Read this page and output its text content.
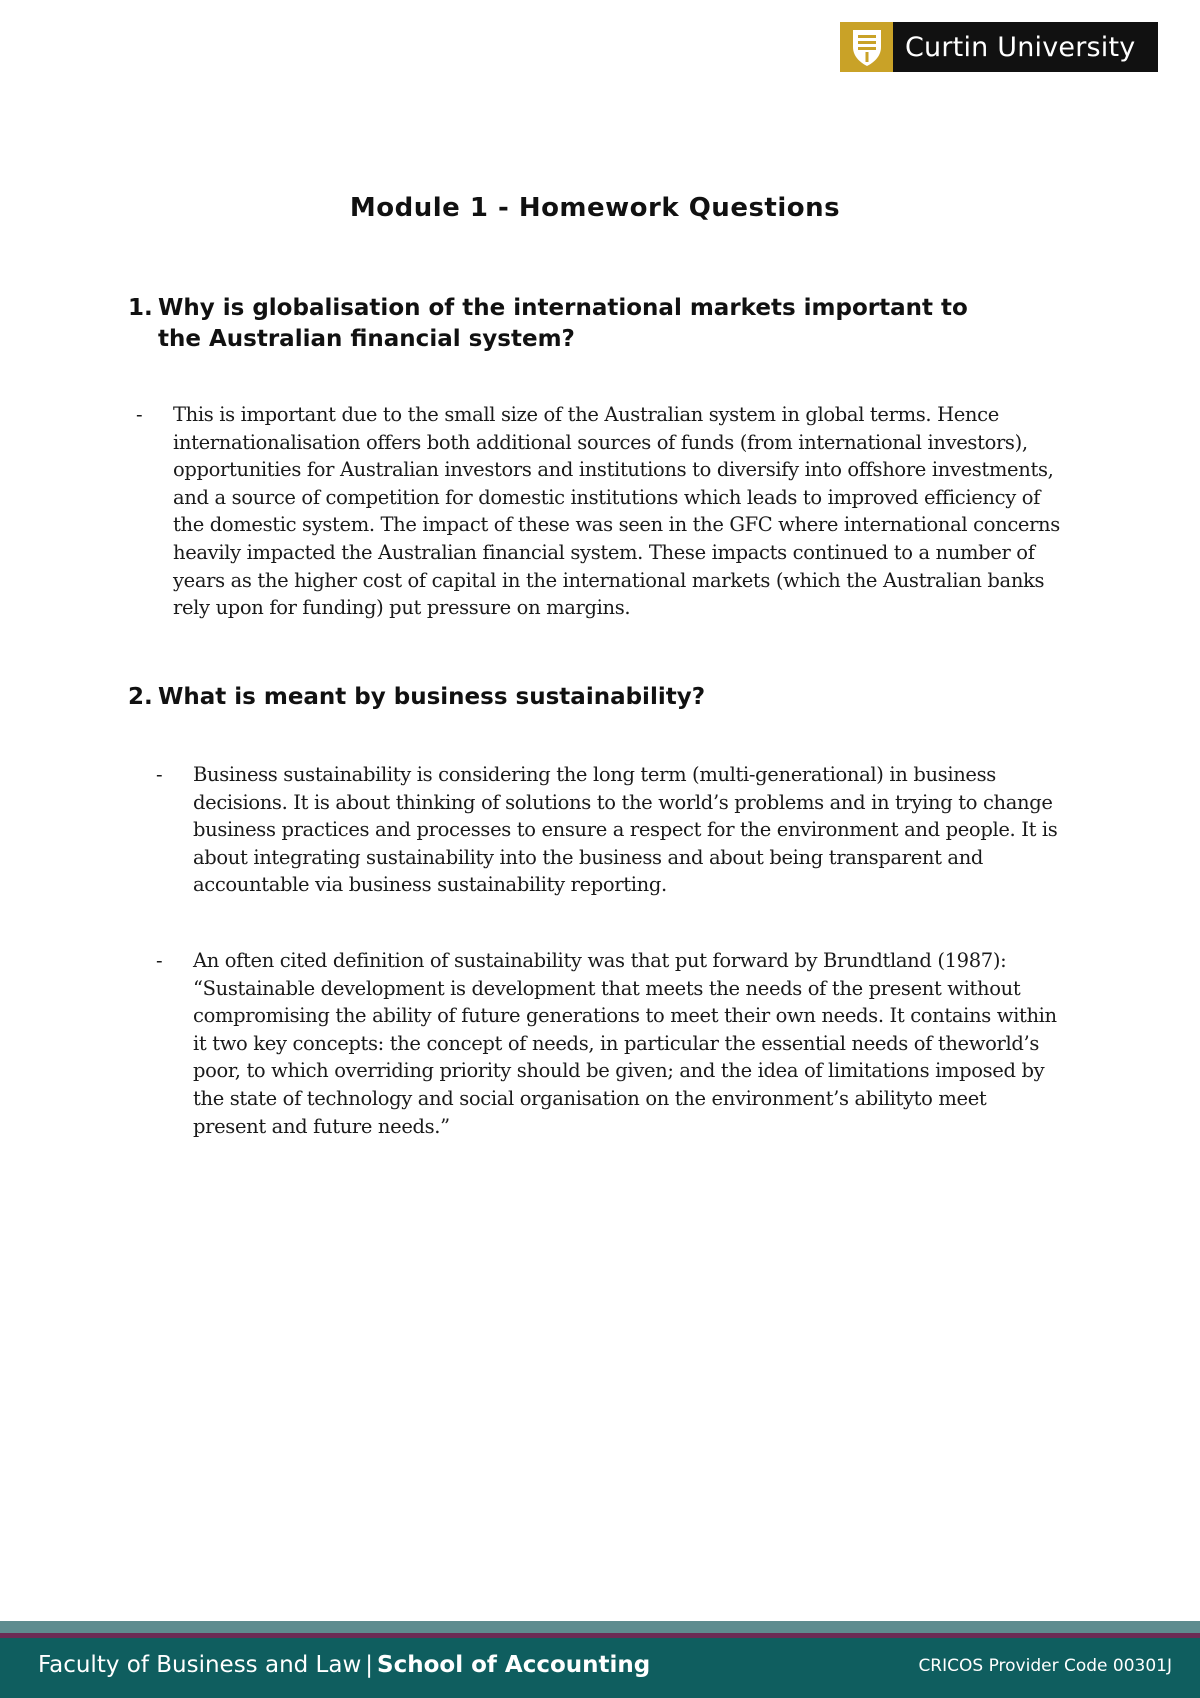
Curtin University
Module 1 - Homework Questions
1. Why is globalisation of the international markets important to the Australian financial system?
-	This is important due to the small size of the Australian system in global terms. Hence internationalisation offers both additional sources of funds (from international investors), opportunities for Australian investors and institutions to diversify into offshore investments, and a source of competition for domestic institutions which leads to improved efficiency of the domestic system. The impact of these was seen in the GFC where international concerns heavily impacted the Australian financial system. These impacts continued to a number of years as the higher cost of capital in the international markets (which the Australian banks rely upon for funding) put pressure on margins.
2. What is meant by business sustainability?
-	Business sustainability is considering the long term (multi-generational) in business decisions. It is about thinking of solutions to the world’s problems and in trying to change business practices and processes to ensure a respect for the environment and people. It is about integrating sustainability into the business and about being transparent and accountable via business sustainability reporting.
-	An often cited definition of sustainability was that put forward by Brundtland (1987): “Sustainable development is development that meets the needs of the present without compromising the ability of future generations to meet their own needs. It contains within it two key concepts: the concept of needs, in particular the essential needs of theworld’s poor, to which overriding priority should be given; and the idea of limitations imposed by the state of technology and social organisation on the environment’s abilityto meet present and future needs.”
Faculty of Business and Law | School of Accounting	CRICOS Provider Code 00301J
